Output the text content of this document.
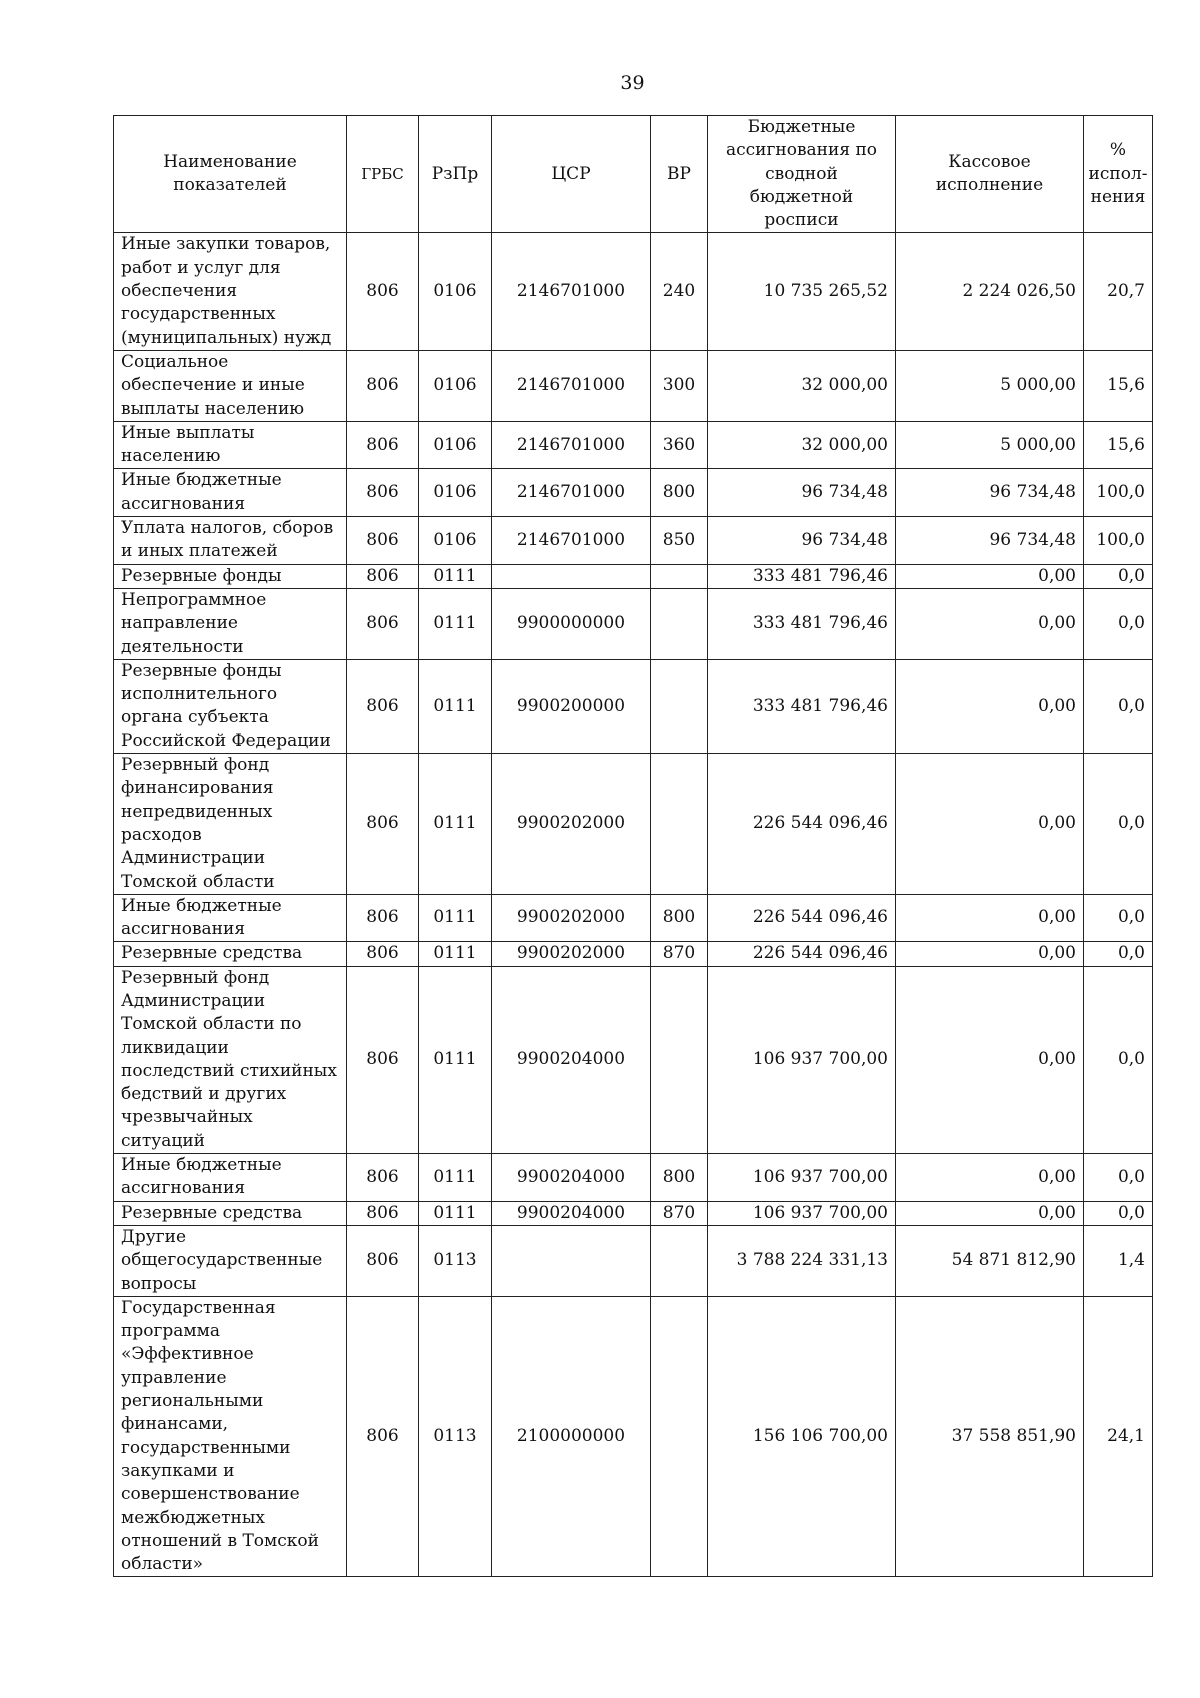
39
Наименование показателей	ГРБС	РзПр	ЦСР	ВР	Бюджетные ассигнования по сводной бюджетной росписи	Кассовое исполнение	% испол-нения
Иные закупки товаров, работ и услуг для обеспечения государственных (муниципальных) нужд	806	0106	2146701000	240	10 735 265,52	2 224 026,50	20,7
Социальное обеспечение и иные выплаты населению	806	0106	2146701000	300	32 000,00	5 000,00	15,6
Иные выплаты населению	806	0106	2146701000	360	32 000,00	5 000,00	15,6
Иные бюджетные ассигнования	806	0106	2146701000	800	96 734,48	96 734,48	100,0
Уплата налогов, сборов и иных платежей	806	0106	2146701000	850	96 734,48	96 734,48	100,0
Резервные фонды	806	0111			333 481 796,46	0,00	0,0
Непрограммное направление деятельности	806	0111	9900000000		333 481 796,46	0,00	0,0
Резервные фонды исполнительного органа субъекта Российской Федерации	806	0111	9900200000		333 481 796,46	0,00	0,0
Резервный фонд финансирования непредвиденных расходов Администрации Томской области	806	0111	9900202000		226 544 096,46	0,00	0,0
Иные бюджетные ассигнования	806	0111	9900202000	800	226 544 096,46	0,00	0,0
Резервные средства	806	0111	9900202000	870	226 544 096,46	0,00	0,0
Резервный фонд Администрации Томской области по ликвидации последствий стихийных бедствий и других чрезвычайных ситуаций	806	0111	9900204000		106 937 700,00	0,00	0,0
Иные бюджетные ассигнования	806	0111	9900204000	800	106 937 700,00	0,00	0,0
Резервные средства	806	0111	9900204000	870	106 937 700,00	0,00	0,0
Другие общегосударственные вопросы	806	0113			3 788 224 331,13	54 871 812,90	1,4
Государственная программа «Эффективное управление региональными финансами, государственными закупками и совершенствование межбюджетных отношений в Томской области»	806	0113	2100000000		156 106 700,00	37 558 851,90	24,1
